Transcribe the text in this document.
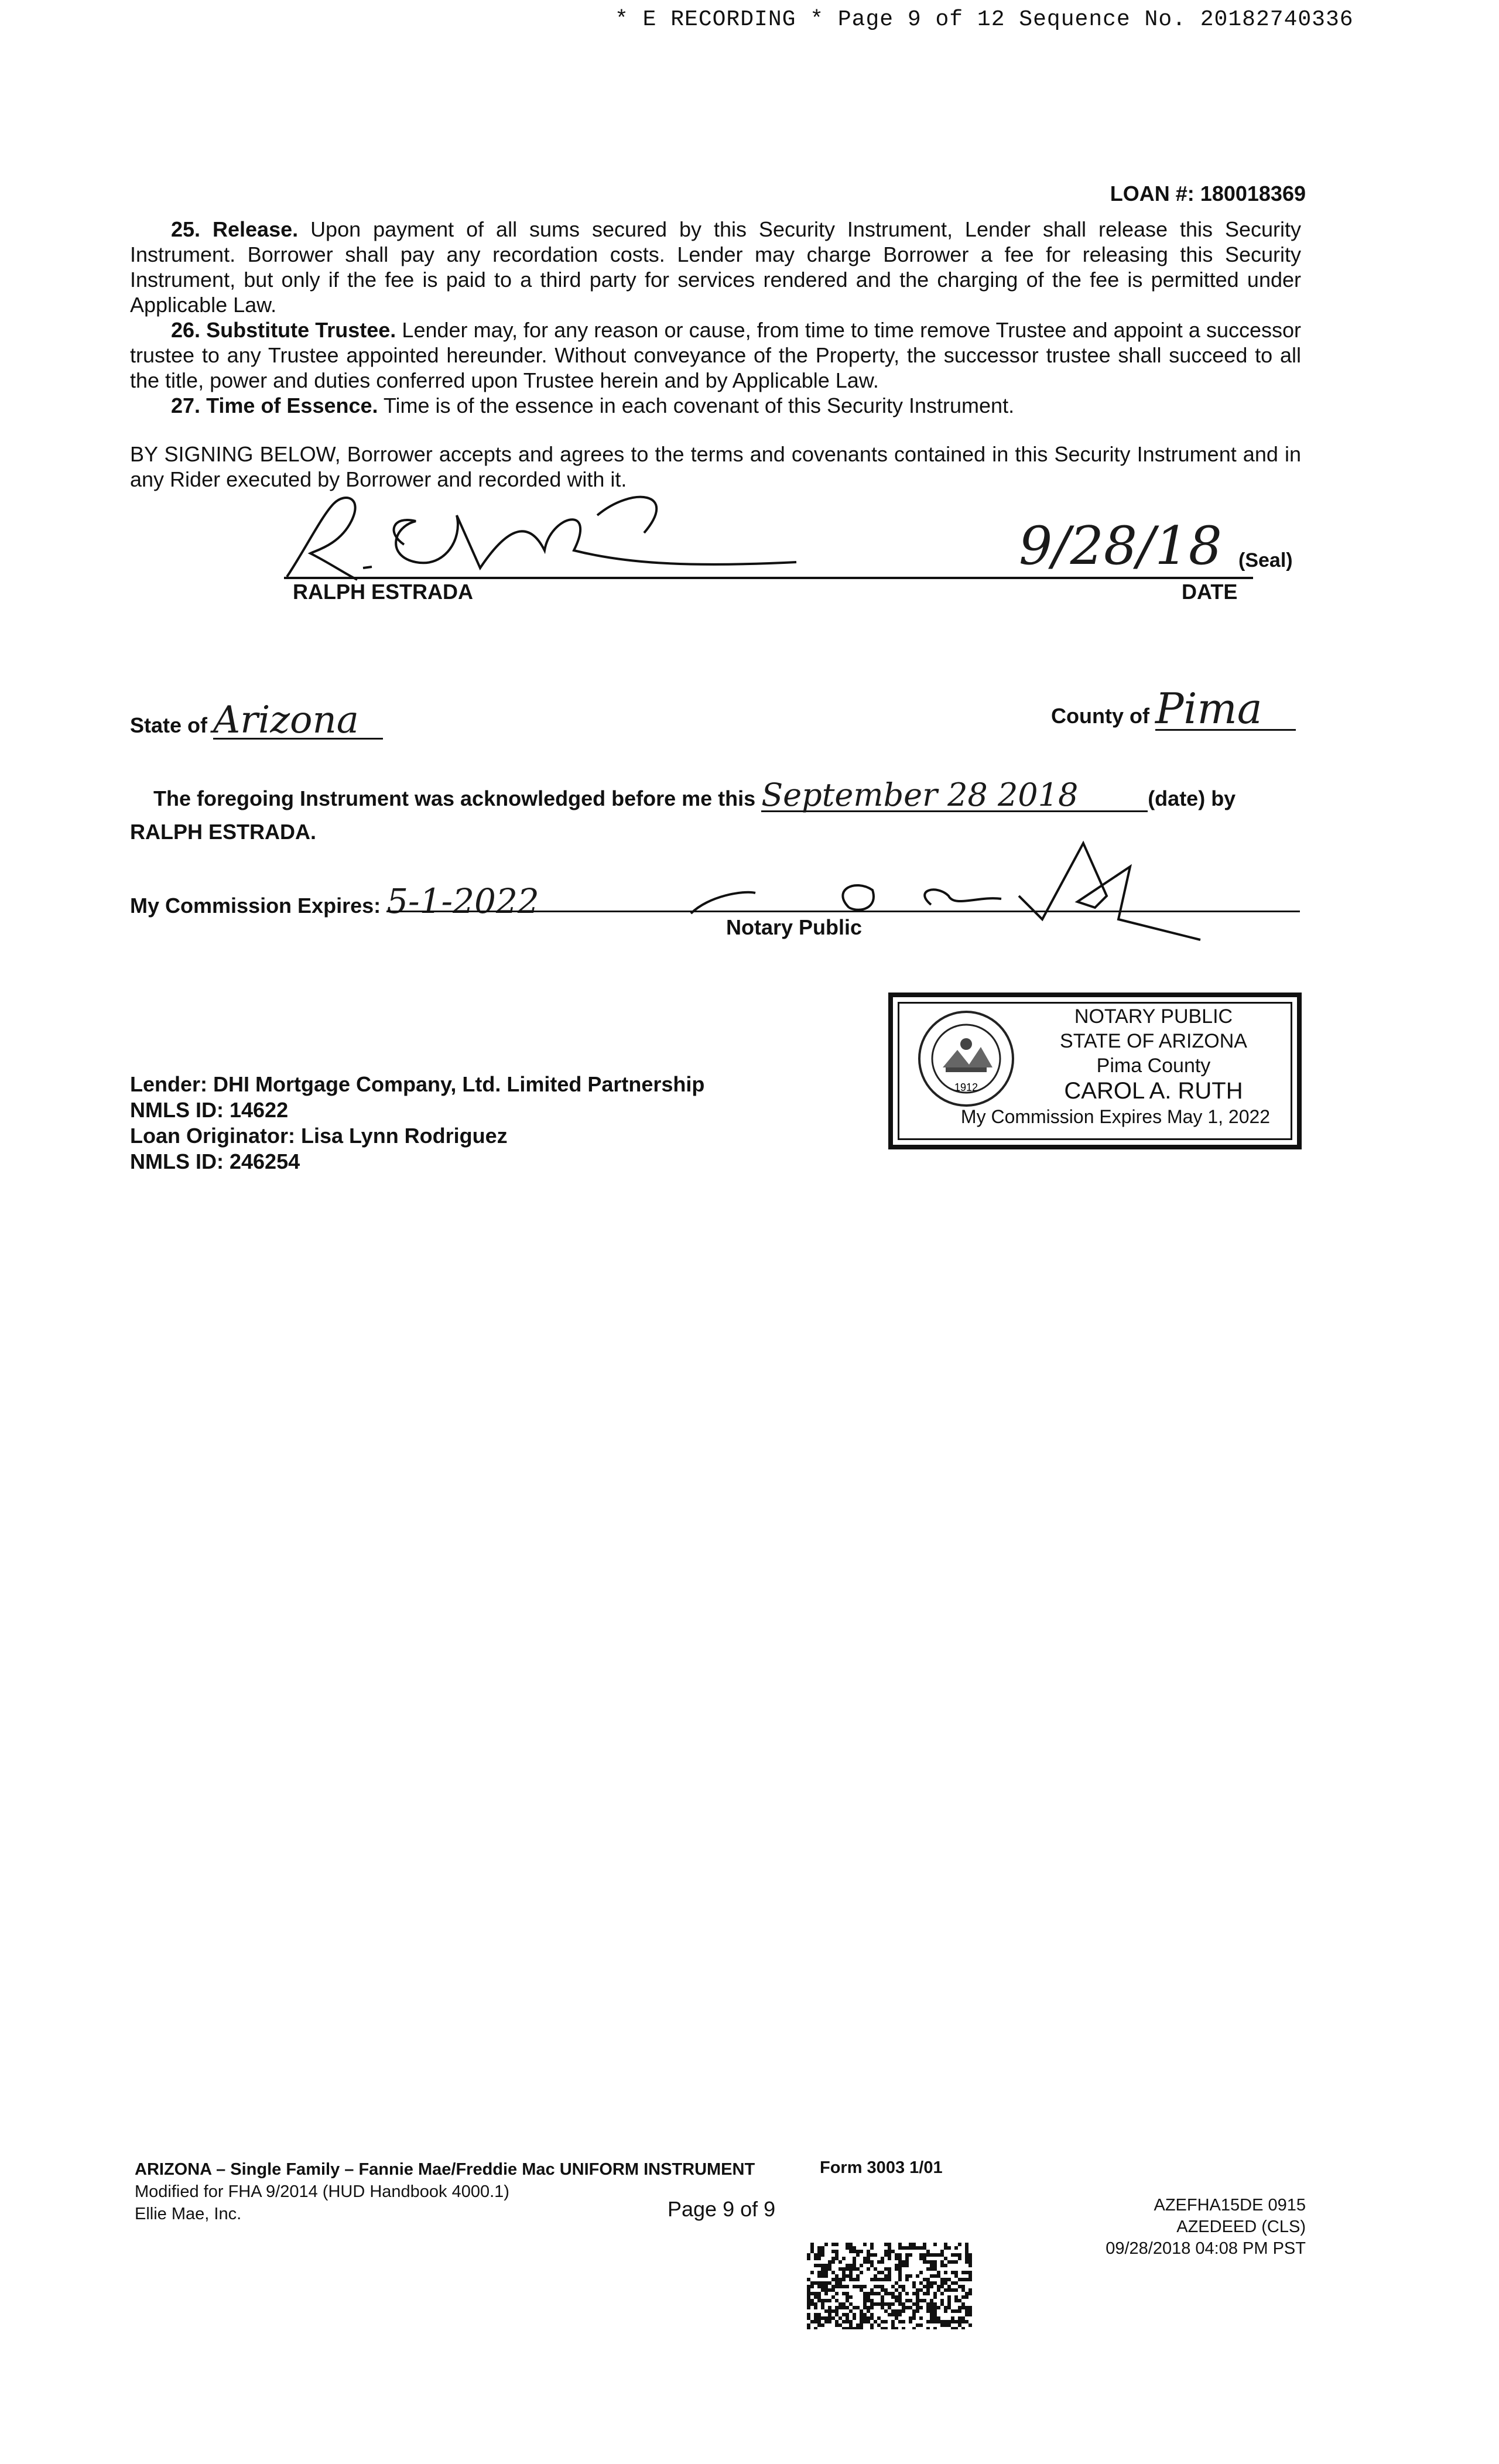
* E RECORDING * Page 9 of 12 Sequence No. 20182740336
LOAN #: 180018369

25. Release. Upon payment of all sums secured by this Security Instrument, Lender shall release this Security Instrument. Borrower shall pay any recordation costs. Lender may charge Borrower a fee for releasing this Security Instrument, but only if the fee is paid to a third party for services rendered and the charging of the fee is permitted under Applicable Law.

26. Substitute Trustee. Lender may, for any reason or cause, from time to time remove Trustee and appoint a successor trustee to any Trustee appointed hereunder. Without conveyance of the Property, the successor trustee shall succeed to all the title, power and duties conferred upon Trustee herein and by Applicable Law.

27. Time of Essence. Time is of the essence in each covenant of this Security Instrument.

BY SIGNING BELOW, Borrower accepts and agrees to the terms and covenants contained in this Security Instrument and in any Rider executed by Borrower and recorded with it.

9/28/18 (Seal)
RALPH ESTRADA	DATE
State of Arizona	County of Pima
The foregoing Instrument was acknowledged before me this September 28 2018	(date) by
RALPH ESTRADA.
My Commission Expires: 5-1-2022
Notary Public
1912
NOTARY PUBLIC
STATE OF ARIZONA
Pima County
CAROL A. RUTH
My Commission Expires May 1, 2022
Lender: DHI Mortgage Company, Ltd. Limited Partnership
NMLS ID: 14622
Loan Originator: Lisa Lynn Rodriguez
NMLS ID: 246254
ARIZONA – Single Family – Fannie Mae/Freddie Mac UNIFORM INSTRUMENT
Modified for FHA 9/2014 (HUD Handbook 4000.1)
Ellie Mae, Inc.
Form 3003 1/01
Page 9 of 9	AZEFHA15DE 0915
AZEDEED (CLS)
09/28/2018 04:08 PM PST
